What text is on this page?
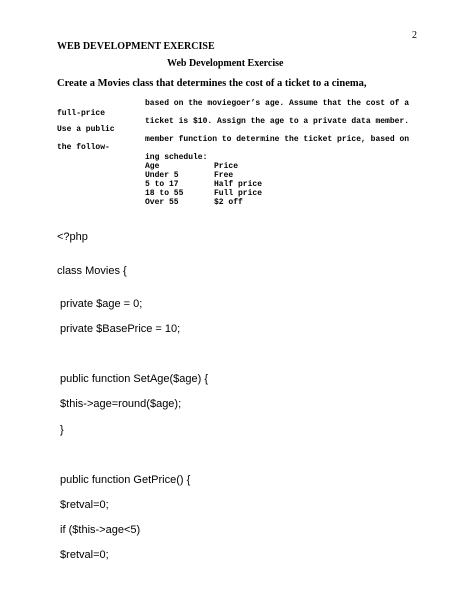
2
WEB DEVELOPMENT EXERCISE
Web Development Exercise
Create a Movies class that determines the cost of a ticket to a cinema,
full-price
Use a public
the follow-
based on the moviegoer’s age. Assume that the cost of a
ticket is $10. Assign the age to a private data member.
member function to determine the ticket price, based on
ing schedule:
Age	Price
Under 5	Free
5 to 17	Half price
18 to 55	Full price
Over 55	$2 off
<?php
class Movies {
private $age = 0;
private $BasePrice = 10;
public function SetAge($age) {
$this->age=round($age);
}
public function GetPrice() {
$retval=0;
if ($this->age<5)
$retval=0;
